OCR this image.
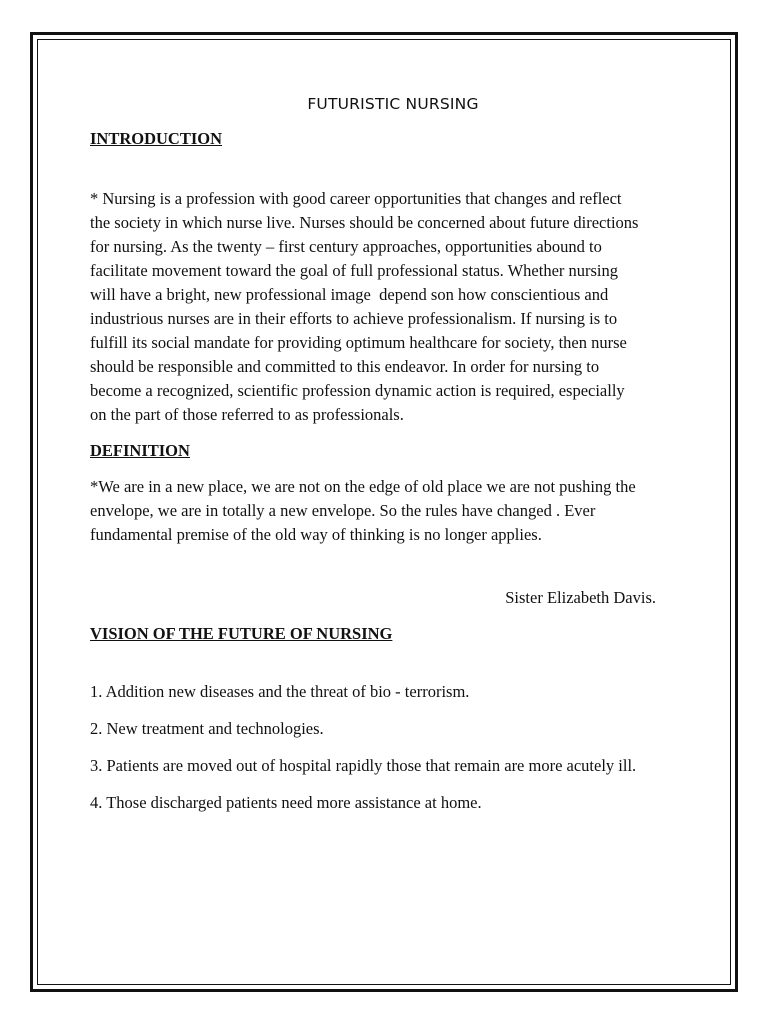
FUTURISTIC NURSING

INTRODUCTION

* Nursing is a profession with good career opportunities that changes and reflect
the society in which nurse live. Nurses should be concerned about future directions
for nursing. As the twenty – first century approaches, opportunities abound to
facilitate movement toward the goal of full professional status. Whether nursing
will have a bright, new professional image  depend son how conscientious and
industrious nurses are in their efforts to achieve professionalism. If nursing is to
fulfill its social mandate for providing optimum healthcare for society, then nurse
should be responsible and committed to this endeavor. In order for nursing to
become a recognized, scientific profession dynamic action is required, especially
on the part of those referred to as professionals.

DEFINITION

*We are in a new place, we are not on the edge of old place we are not pushing the
envelope, we are in totally a new envelope. So the rules have changed . Ever
fundamental premise of the old way of thinking is no longer applies.

Sister Elizabeth Davis.

VISION OF THE FUTURE OF NURSING

1. Addition new diseases and the threat of bio - terrorism.
2. New treatment and technologies.
3. Patients are moved out of hospital rapidly those that remain are more acutely ill.
4. Those discharged patients need more assistance at home.
